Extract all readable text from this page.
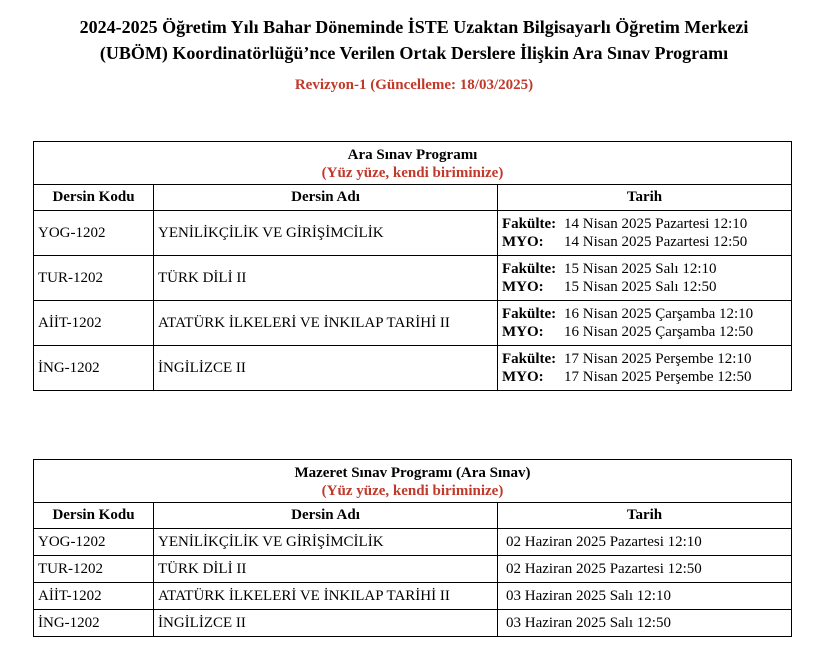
2024-2025 Öğretim Yılı Bahar Döneminde İSTE Uzaktan Bilgisayarlı Öğretim Merkezi
(UBÖM) Koordinatörlüğü’nce Verilen Ortak Derslere İlişkin Ara Sınav Programı
Revizyon-1 (Güncelleme: 18/03/2025)
Ara Sınav Programı
(Yüz yüze, kendi biriminize)		

Dersin Kodu	Dersin Adı	Tarih
YOG-1202	YENİLİKÇİLİK VE GİRİŞİMCİLİK	Fakülte: 14 Nisan 2025 Pazartesi 12:10
MYO: 14 Nisan 2025 Pazartesi 12:50

TUR-1202	TÜRK DİLİ II	Fakülte: 15 Nisan 2025 Salı 12:10
MYO: 15 Nisan 2025 Salı 12:50

AİİT-1202	ATATÜRK İLKELERİ VE İNKILAP TARİHİ II	Fakülte: 16 Nisan 2025 Çarşamba 12:10
MYO: 16 Nisan 2025 Çarşamba 12:50

İNG-1202	İNGİLİZCE II	Fakülte: 17 Nisan 2025 Perşembe 12:10
MYO: 17 Nisan 2025 Perşembe 12:50
Mazeret Sınav Programı (Ara Sınav)
(Yüz yüze, kendi biriminize)		

Dersin Kodu	Dersin Adı	Tarih
YOG-1202	YENİLİKÇİLİK VE GİRİŞİMCİLİK	02 Haziran 2025 Pazartesi 12:10
TUR-1202	TÜRK DİLİ II	02 Haziran 2025 Pazartesi 12:50
AİİT-1202	ATATÜRK İLKELERİ VE İNKILAP TARİHİ II	03 Haziran 2025 Salı 12:10
İNG-1202	İNGİLİZCE II	03 Haziran 2025 Salı 12:50
